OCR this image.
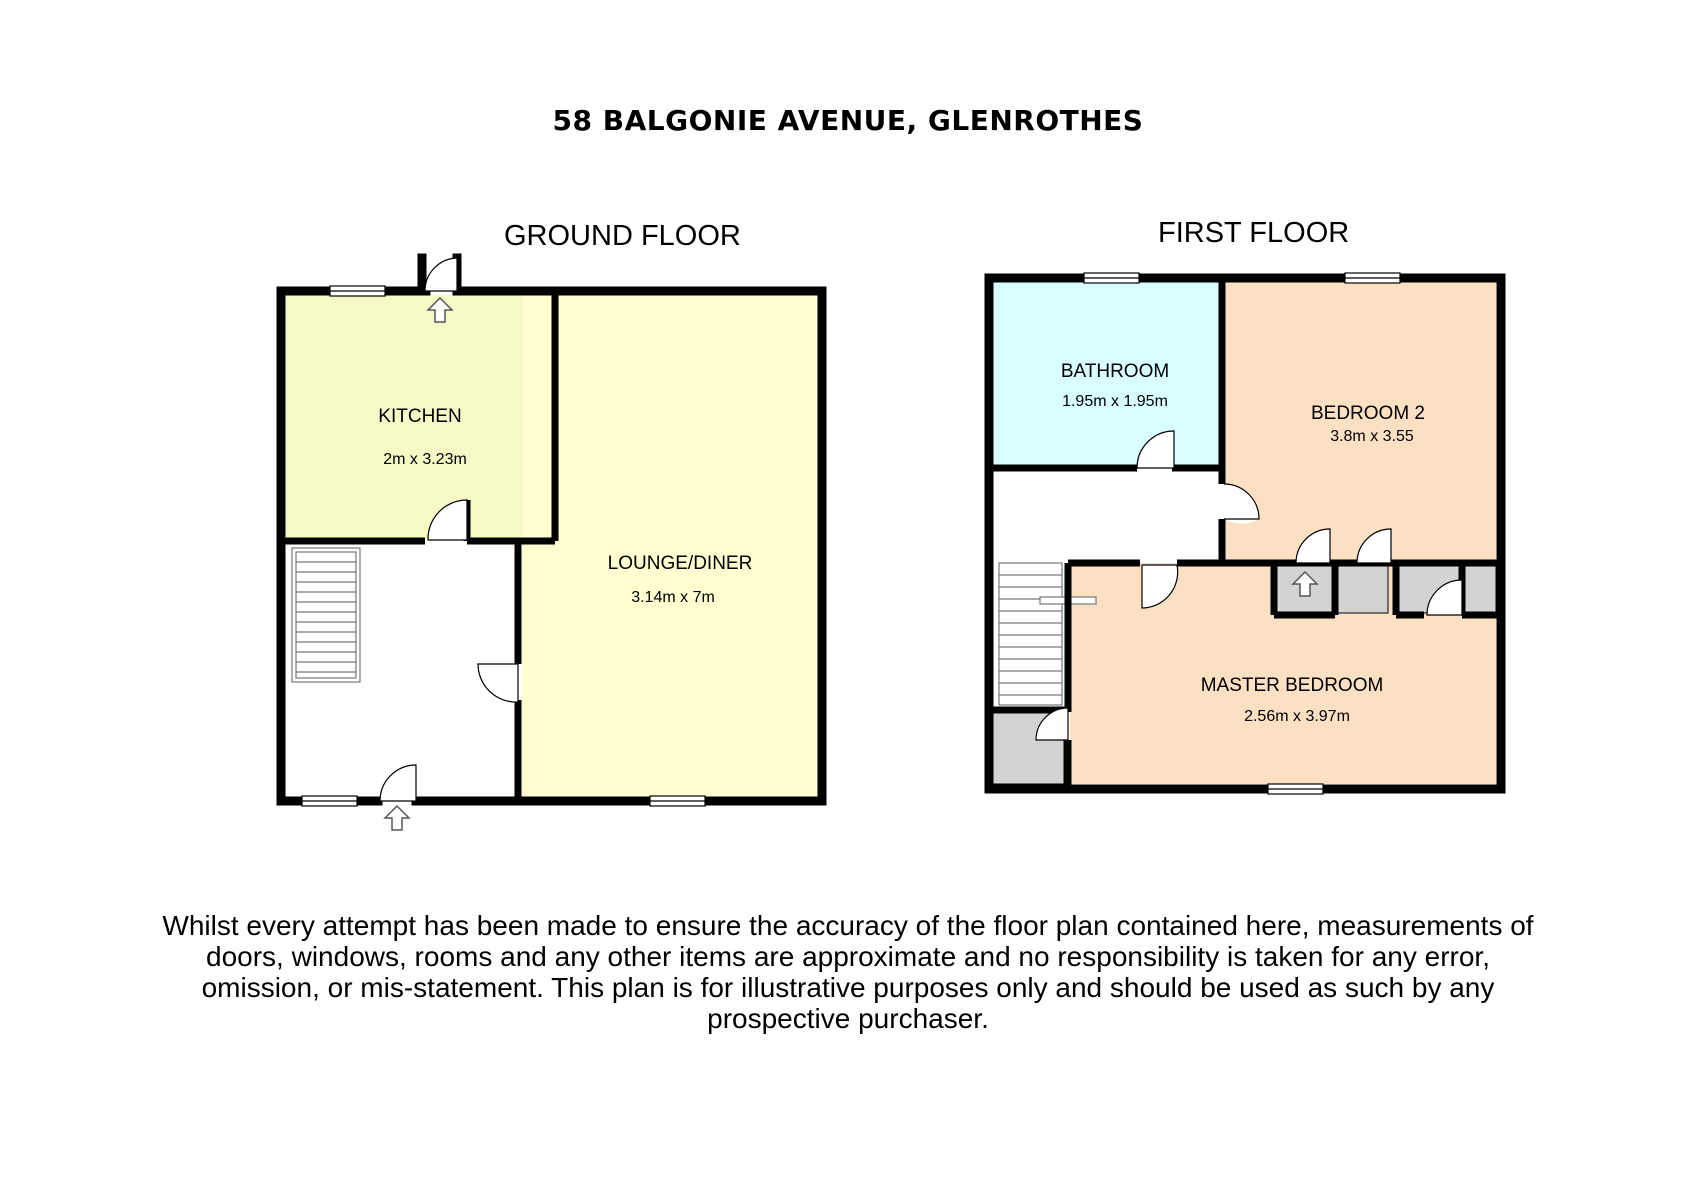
58 BALGONIE AVENUE, GLENROTHES
GROUND FLOOR	FIRST FLOOR
KITCHEN
2m x 3.23m
LOUNGE/DINER
3.14m x 7m
BATHROOM
1.95m x 1.95m
BEDROOM 2
3.8m x 3.55
MASTER BEDROOM
2.56m x 3.97m
Whilst every attempt has been made to ensure the accuracy of the floor plan contained here, measurements of doors, windows, rooms and any other items are approximate and no responsibility is taken for any error, omission, or mis-statement. This plan is for illustrative purposes only and should be used as such by any prospective purchaser.
